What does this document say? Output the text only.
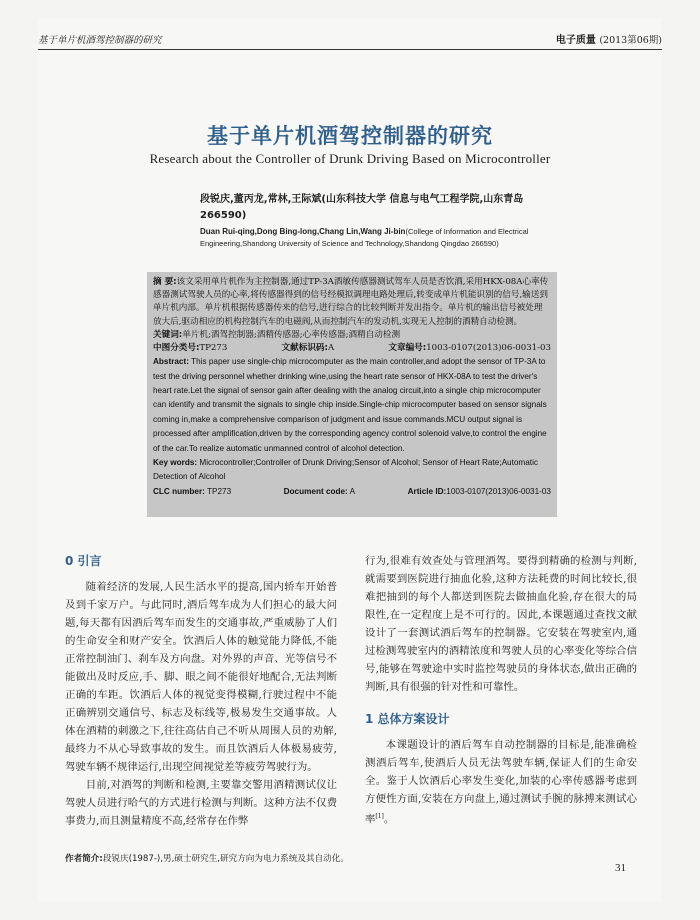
基于单片机酒驾控制器的研究	电子质量 (2013第06期)
基于单片机酒驾控制器的研究
Research about the Controller of Drunk Driving Based on Microcontroller
段锐庆,董丙龙,常林,王际斌(山东科技大学 信息与电气工程学院,山东青岛 266590)
Duan Rui-qing,Dong Bing-long,Chang Lin,Wang Ji-bin(College of Information and Electrical Engineering,Shandong University of Science and Technology,Shandong Qingdao 266590)

摘 要:该文采用单片机作为主控制器,通过TP-3A酒敏传感器测试驾车人员是否饮酒,采用HKX-08A心率传感器测试驾驶人员的心率,将传感器得到的信号经模拟调理电路处理后,转变成单片机能识别的信号,输送到单片机内部。单片机根据传感器传来的信号,进行综合的比较判断并发出指令。单片机的输出信号被处理放大后,驱动相应的机构控制汽车的电磁阀,从而控制汽车的发动机,实现无人控制的酒精自动检测。

关键词:单片机;酒驾控制器;酒精传感器;心率传感器;酒精自动检测

中图分类号:TP273	文献标识码:A	文章编号:1003-0107(2013)06-0031-03

Abstract: This paper use single-chip microcomputer as the main controller,and adopt the sensor of TP-3A to test the driving personnel whether drinking wine,using the heart rate sensor of HKX-08A to test the driver's heart rate.Let the signal of sensor gain after dealing with the analog circuit,into a single chip microcomputer can identify and transmit the signals to single chip inside.Single-chip microcomputer based on sensor signals coming in,make a comprehensive comparison of judgment and issue commands.MCU output signal is processed after amplification,driven by the corresponding agency control solenoid valve,to control the engine of the car.To realize automatic unmanned control of alcohol detection.

Key words: Microcontroller;Controller of Drunk Driving;Sensor of Alcohol; Sensor of Heart Rate;Automatic Detection of Alcohol

CLC number: TP273	Document code: A	Article ID:1003-0107(2013)06-0031-03
0 引言

随着经济的发展,人民生活水平的提高,国内轿车开始普及到千家万户。与此同时,酒后驾车成为人们担心的最大问题,每天都有因酒后驾车而发生的交通事故,严重威胁了人们的生命安全和财产安全。饮酒后人体的触觉能力降低,不能正常控制油门、刹车及方向盘。对外界的声音、光等信号不能做出及时反应,手、脚、眼之间不能很好地配合,无法判断正确的车距。饮酒后人体的视觉变得模糊,行驶过程中不能正确辨别交通信号、标志及标线等,极易发生交通事故。人体在酒精的刺激之下,往往高估自己不听从周围人员的劝解,最终力不从心导致事故的发生。而且饮酒后人体极易疲劳,驾驶车辆不规律运行,出现空间视觉差等疲劳驾驶行为。

目前,对酒驾的判断和检测,主要靠交警用酒精测试仪让驾驶人员进行哈气的方式进行检测与判断。这种方法不仅费事费力,而且测量精度不高,经常存在作弊

行为,很难有效查处与管理酒驾。要得到精确的检测与判断,就需要到医院进行抽血化验,这种方法耗费的时间比较长,很难把抽到的每个人都送到医院去做抽血化验,存在很大的局限性,在一定程度上是不可行的。因此,本课题通过查找文献设计了一套测试酒后驾车的控制器。它安装在驾驶室内,通过检测驾驶室内的酒精浓度和驾驶人员的心率变化等综合信号,能够在驾驶途中实时监控驾驶员的身体状态,做出正确的判断,具有很强的针对性和可靠性。

1 总体方案设计

本课题设计的酒后驾车自动控制器的目标是,能准确检测酒后驾车,使酒后人员无法驾驶车辆,保证人们的生命安全。鉴于人饮酒后心率发生变化,加装的心率传感器考虑到方便性方面,安装在方向盘上,通过测试手腕的脉搏来测试心率[1]。

作者简介:段锐庆(1987-),男,硕士研究生,研究方向为电力系统及其自动化。
31
